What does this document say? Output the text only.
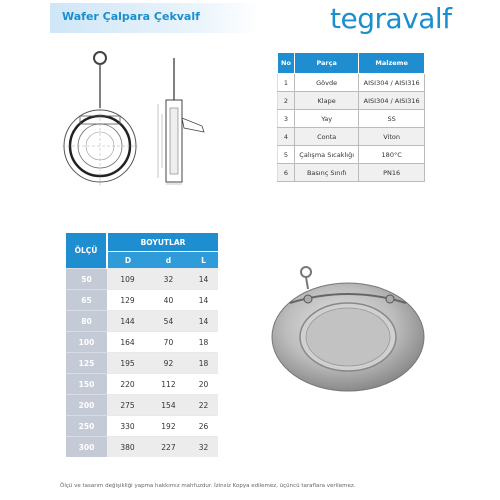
Wafer Çalpara Çekvalf	tegravalf
No	Parça	Malzeme
1	Gövde	AISI304 / AISI316
2	Klape	AISI304 / AISI316
3	Yay	SS
4	Conta	Viton
5	Çalışma Sıcaklığı	180°C
6	Basınç Sınıfı	PN16
ÖLÇÜ	BOYUTLAR		
	D	d	L
50	109	32	14
65	129	40	14
80	144	54	14
100	164	70	18
125	195	92	18
150	220	112	20
200	275	154	22
250	330	192	26
300	380	227	32
Ölçü ve tasarım değişikliği yapma hakkımız mahfuzdur. İzinsiz Kopya edilemez, üçüncü taraflara verilemez.
